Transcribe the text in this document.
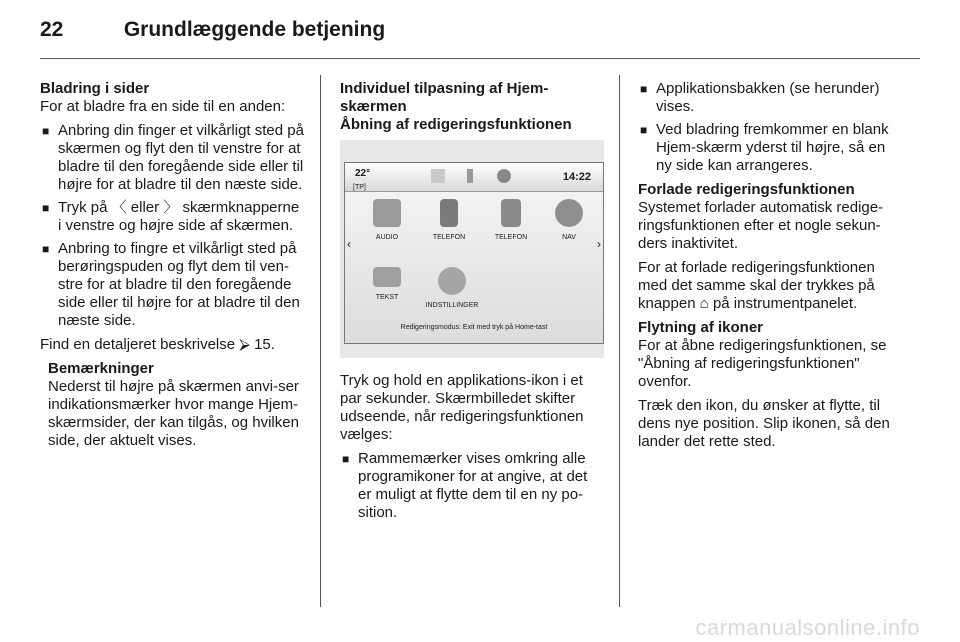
22	Grundlæggende betjening

Bladring i sider

For at bladre fra en side til en anden:

■ Anbring din finger et vilkårligt sted på skærmen og flyt den til venstre for at bladre til den foregående side eller til højre for at bladre til den næste side.
■ Tryk på 〈 eller 〉 skærmknapperne i venstre og højre side af skærmen.
■ Anbring to fingre et vilkårligt sted på berøringspuden og flyt dem til ven-stre for at bladre til den foregående side eller til højre for at bladre til den næste side.

Find en detaljeret beskrivelse ⮚ 15.

Bemærkninger

Nederst til højre på skærmen anvi-ser indikationsmærker hvor mange Hjem-skærmsider, der kan tilgås, og hvilken side, der aktuelt vises.

Individuel tilpasning af Hjem-skærmen

Åbning af redigeringsfunktionen

22°
[TP]
14:22
‹	›
AUDIO	TELEFON	TELEFON	NAV
TEKST
INDSTILLINGER
Redigeringsmodus: Exit med tryk på Home-tast

Tryk og hold en applikations-ikon i et par sekunder. Skærmbilledet skifter udseende, når redigeringsfunktionen vælges:

■ Rammemærker vises omkring alle programikoner for at angive, at det er muligt at flytte dem til en ny po-sition.
■ Applikationsbakken (se herunder) vises.
■ Ved bladring fremkommer en blank Hjem-skærm yderst til højre, så en ny side kan arrangeres.

Forlade redigeringsfunktionen

Systemet forlader automatisk redige-ringsfunktionen efter et nogle sekun-ders inaktivitet.

For at forlade redigeringsfunktionen med det samme skal der trykkes på knappen ⌂ på instrumentpanelet.

Flytning af ikoner

For at åbne redigeringsfunktionen, se "Åbning af redigeringsfunktionen" ovenfor.

Træk den ikon, du ønsker at flytte, til dens nye position. Slip ikonen, så den lander det rette sted.

carmanualsonline.info
